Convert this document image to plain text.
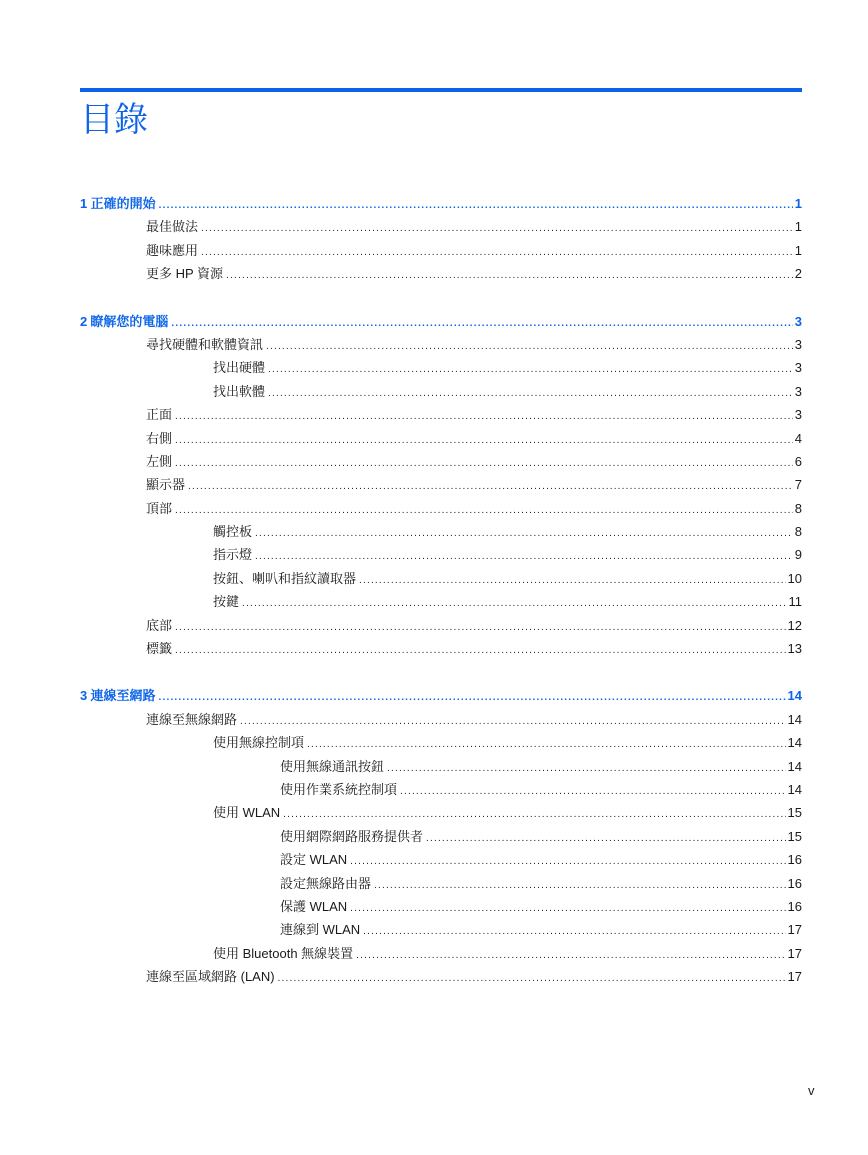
目錄
1 正確的開始 .....	1
最佳做法 .....	1
趣味應用 .....	1
更多 HP 資源 .....	2
2 瞭解您的電腦 .....	3
尋找硬體和軟體資訊 .....	3
找出硬體 .....	3
找出軟體 .....	3
正面 .....	3
右側 .....	4
左側 .....	6
顯示器 .....	7
頂部 .....	8
觸控板 .....	8
指示燈 .....	9
按鈕、喇叭和指紋讀取器 .....	10
按鍵 .....	11
底部 .....	12
標籤 .....	13
3 連線至網路 .....	14
連線至無線網路 .....	14
使用無線控制項 .....	14
使用無線通訊按鈕 .....	14
使用作業系統控制項 .....	14
使用 WLAN .....	15
使用網際網路服務提供者 .....	15
設定 WLAN .....	16
設定無線路由器 .....	16
保護 WLAN .....	16
連線到 WLAN .....	17
使用 Bluetooth 無線裝置 .....	17
連線至區域網路 (LAN) .....	17
v
